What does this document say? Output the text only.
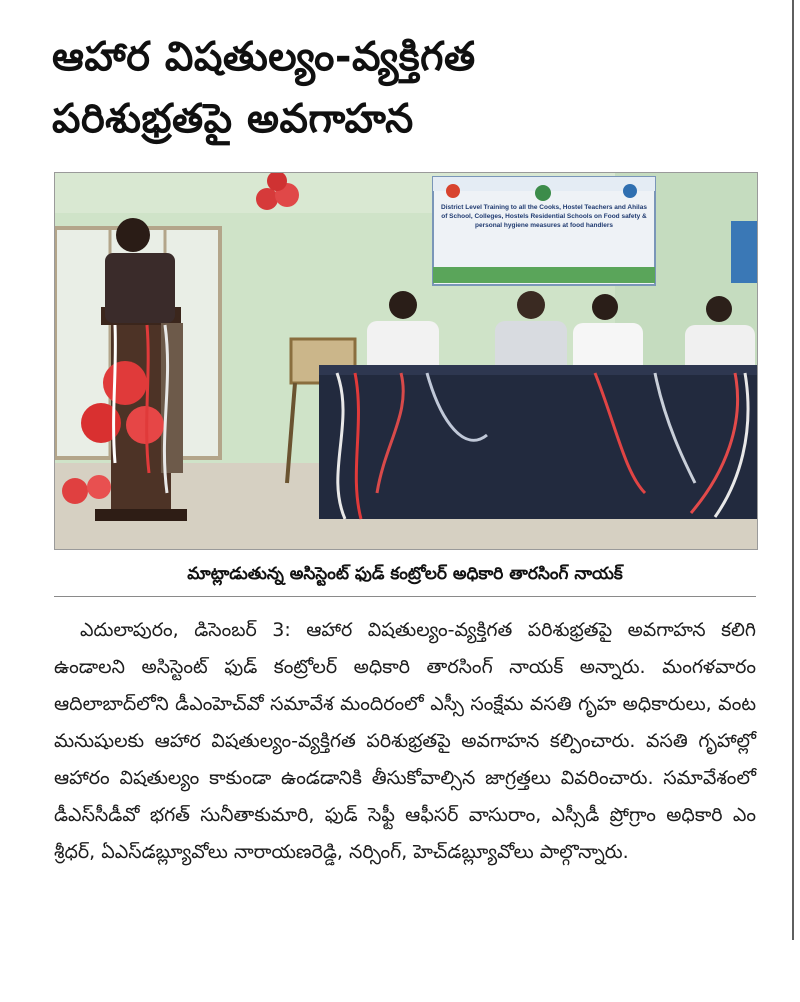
ఆహార విషతుల్యం-వ్యక్తిగత
పరిశుభ్రతపై అవగాహన
District Level Training to all the Cooks, Hostel Teachers and Ahilas of School, Colleges, Hostels Residential Schools on Food safety & personal hygiene measures at food handlers
మాట్లాడుతున్న అసిస్టెంట్ ఫుడ్ కంట్రోలర్ అధికారి తారసింగ్ నాయక్
ఎదులాపురం, డిసెంబర్ 3: ఆహార విషతుల్యం-వ్యక్తిగత పరిశుభ్రతపై అవగాహన కలిగి ఉండాలని అసిస్టెంట్ ఫుడ్ కంట్రోలర్ అధికారి తారసింగ్ నాయక్ అన్నారు. మంగళవారం ఆదిలాబాద్‌లోని డీఎంహెచ్‌వో సమావేశ మందిరంలో ఎస్సీ సంక్షేమ వసతి గృహ అధికారులు, వంట మనుషులకు ఆహార విషతుల్యం-వ్యక్తిగత పరిశుభ్రతపై అవగాహన కల్పించారు. వసతి గృహాల్లో ఆహారం విషతుల్యం కాకుండా ఉండడానికి తీసుకోవాల్సిన జాగ్రత్తలు వివరించారు. సమావేశంలో డీఎస్‌సీడీవో భగత్ సునీతాకుమారి, ఫుడ్ సెఫ్టీ ఆఫీసర్ వాసురాం, ఎస్సీడీ ప్రోగ్రాం అధికారి ఎం శ్రీధర్, ఏఎస్‌డబ్ల్యూవోలు నారాయణరెడ్డి, నర్సింగ్, హెచ్‌డబ్ల్యూవోలు పాల్గొన్నారు.
